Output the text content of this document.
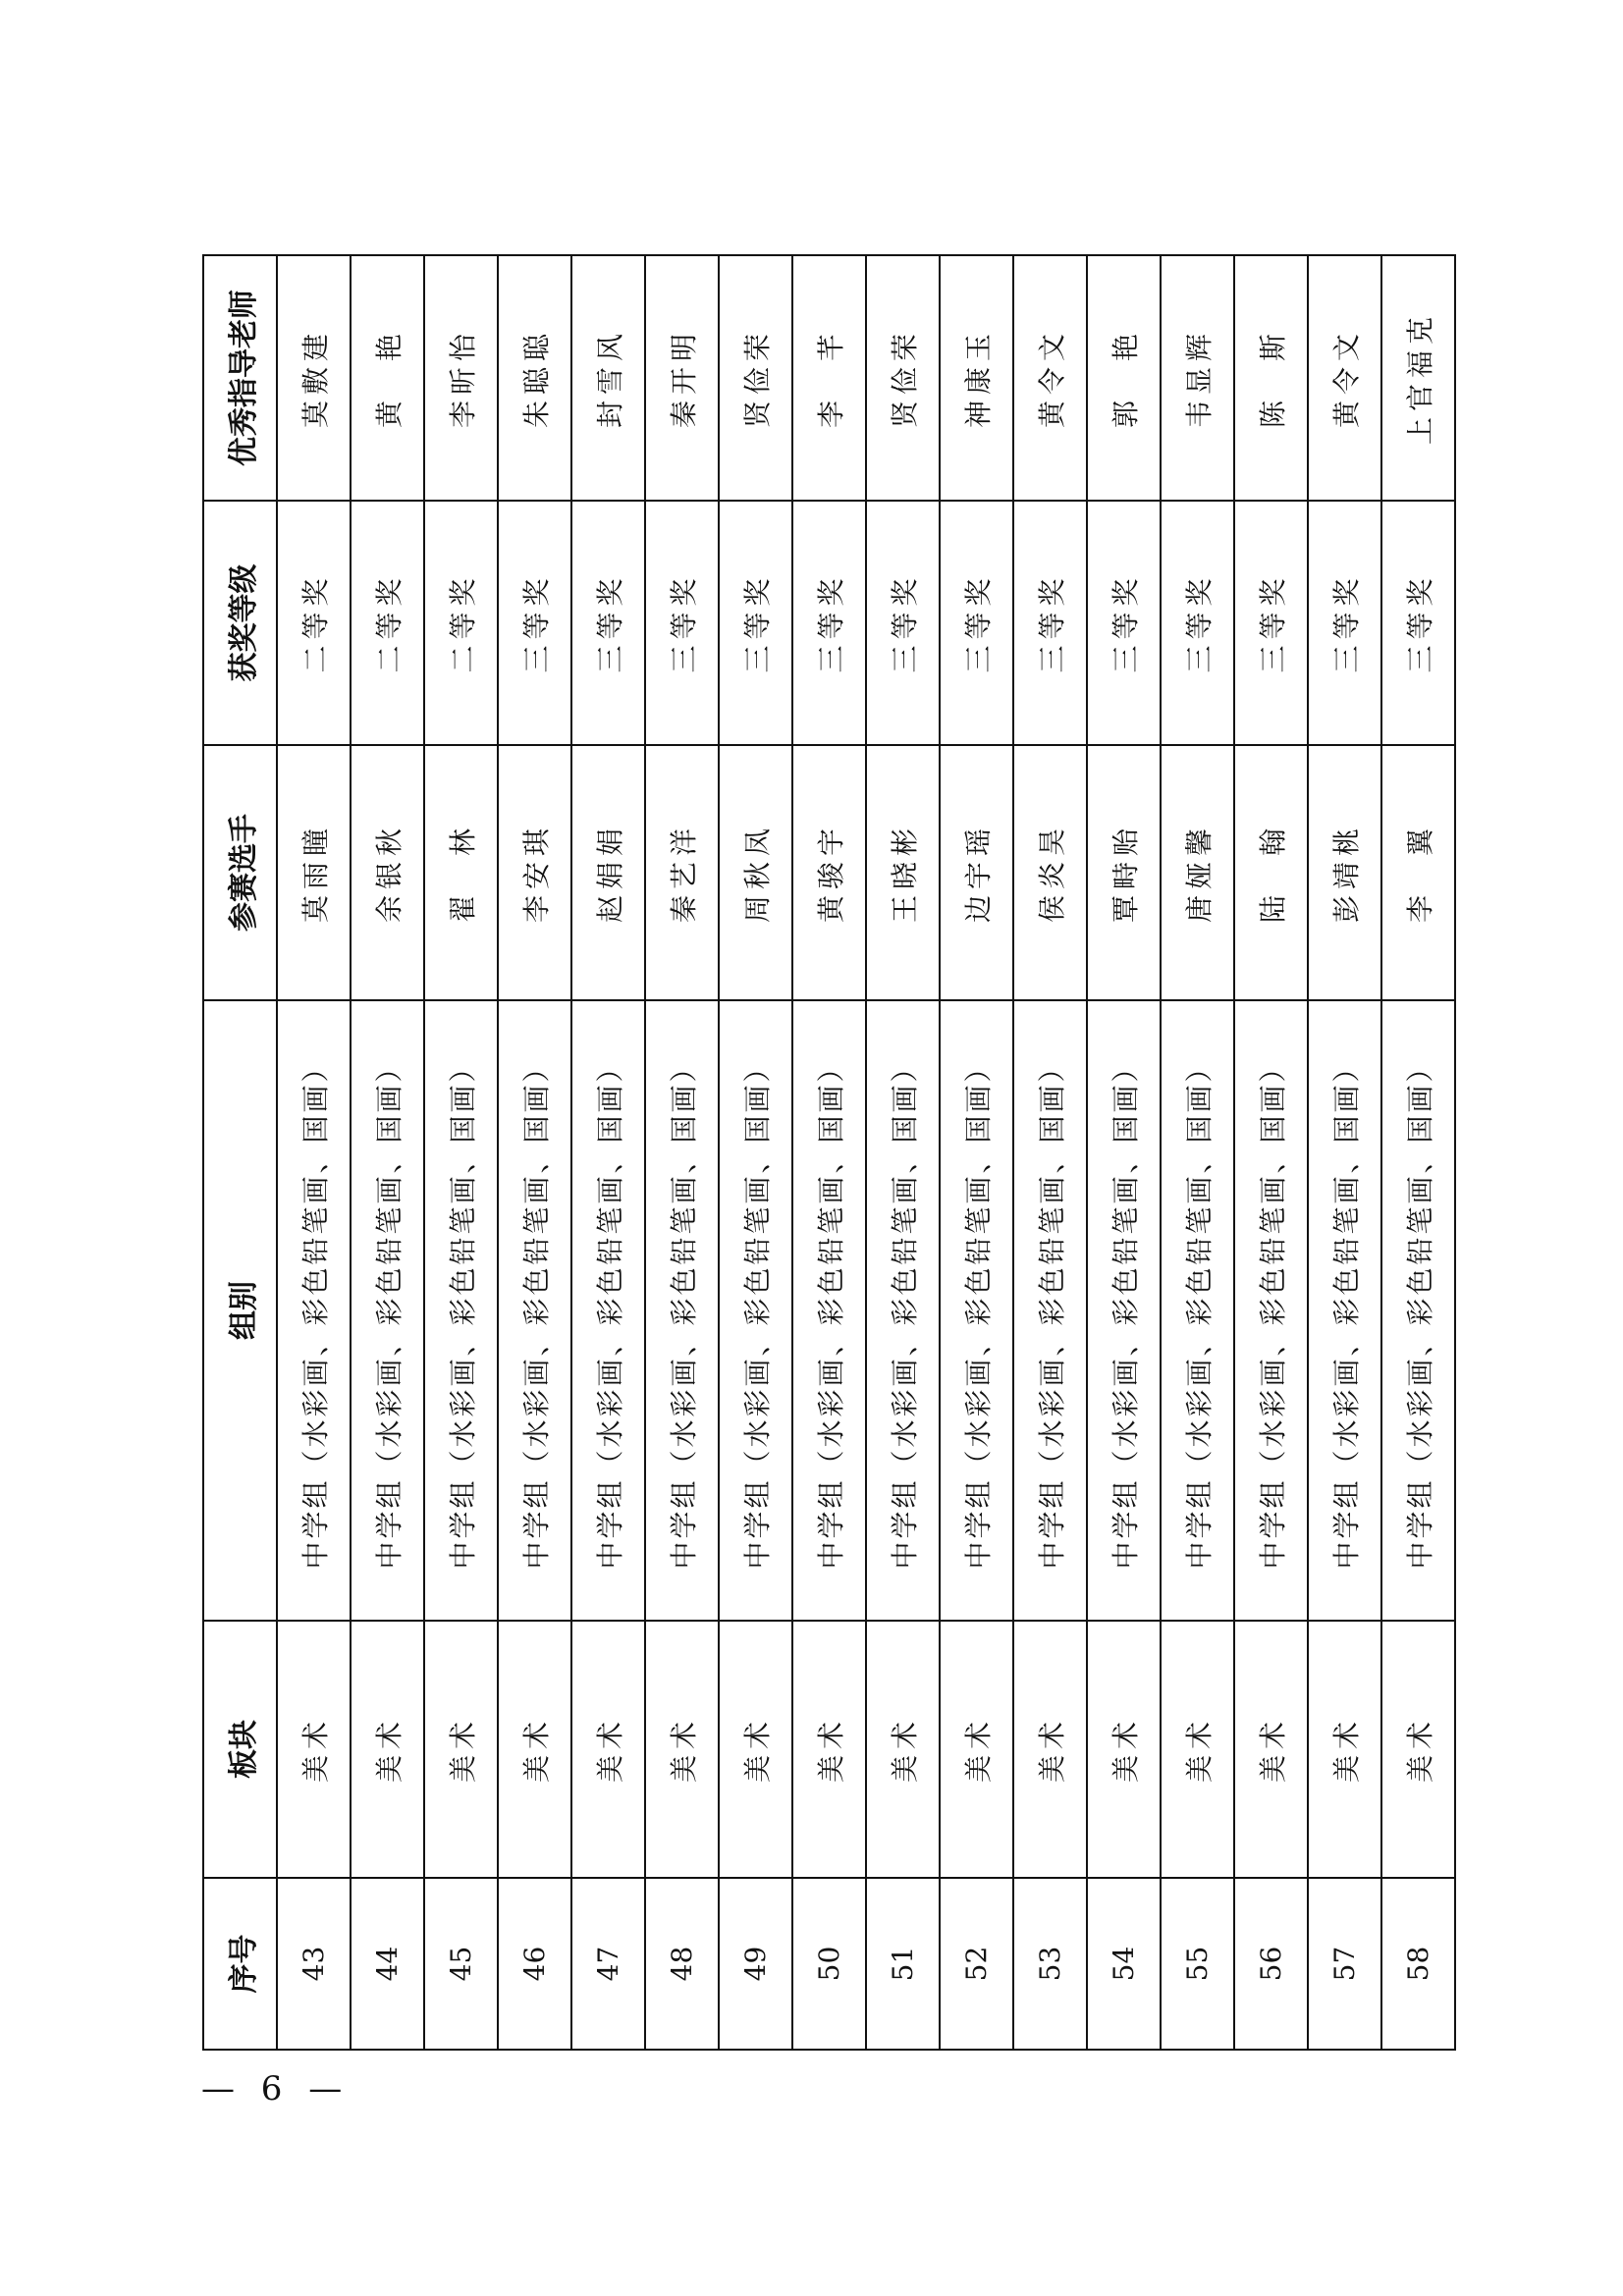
序号	板块	组别	参赛选手	获奖等级	优秀指导老师
43	美术	中学组（水彩画、彩色铅笔画、国画）	莫雨瞳	二等奖	莫敷建
44	美术	中学组（水彩画、彩色铅笔画、国画）	余银秋	二等奖	黄　艳
45	美术	中学组（水彩画、彩色铅笔画、国画）	翟　林	二等奖	李昕怡
46	美术	中学组（水彩画、彩色铅笔画、国画）	李安琪	三等奖	朱聪聪
47	美术	中学组（水彩画、彩色铅笔画、国画）	赵娟娟	三等奖	封雪风
48	美术	中学组（水彩画、彩色铅笔画、国画）	秦艺洋	三等奖	秦开明
49	美术	中学组（水彩画、彩色铅笔画、国画）	周秋凤	三等奖	贤俭荣
50	美术	中学组（水彩画、彩色铅笔画、国画）	黄骏宇	三等奖	李　芊
51	美术	中学组（水彩画、彩色铅笔画、国画）	王晓彬	三等奖	贤俭荣
52	美术	中学组（水彩画、彩色铅笔画、国画）	边宇瑶	三等奖	神康玉
53	美术	中学组（水彩画、彩色铅笔画、国画）	侯炎昊	三等奖	黄令文
54	美术	中学组（水彩画、彩色铅笔画、国画）	覃畤贻	三等奖	郭　艳
55	美术	中学组（水彩画、彩色铅笔画、国画）	唐娅馨	三等奖	韦显辉
56	美术	中学组（水彩画、彩色铅笔画、国画）	陆　翰	三等奖	陈　斯
57	美术	中学组（水彩画、彩色铅笔画、国画）	彭靖桃	三等奖	黄令文
58	美术	中学组（水彩画、彩色铅笔画、国画）	李　翼	三等奖	上官福克
— 6 —
